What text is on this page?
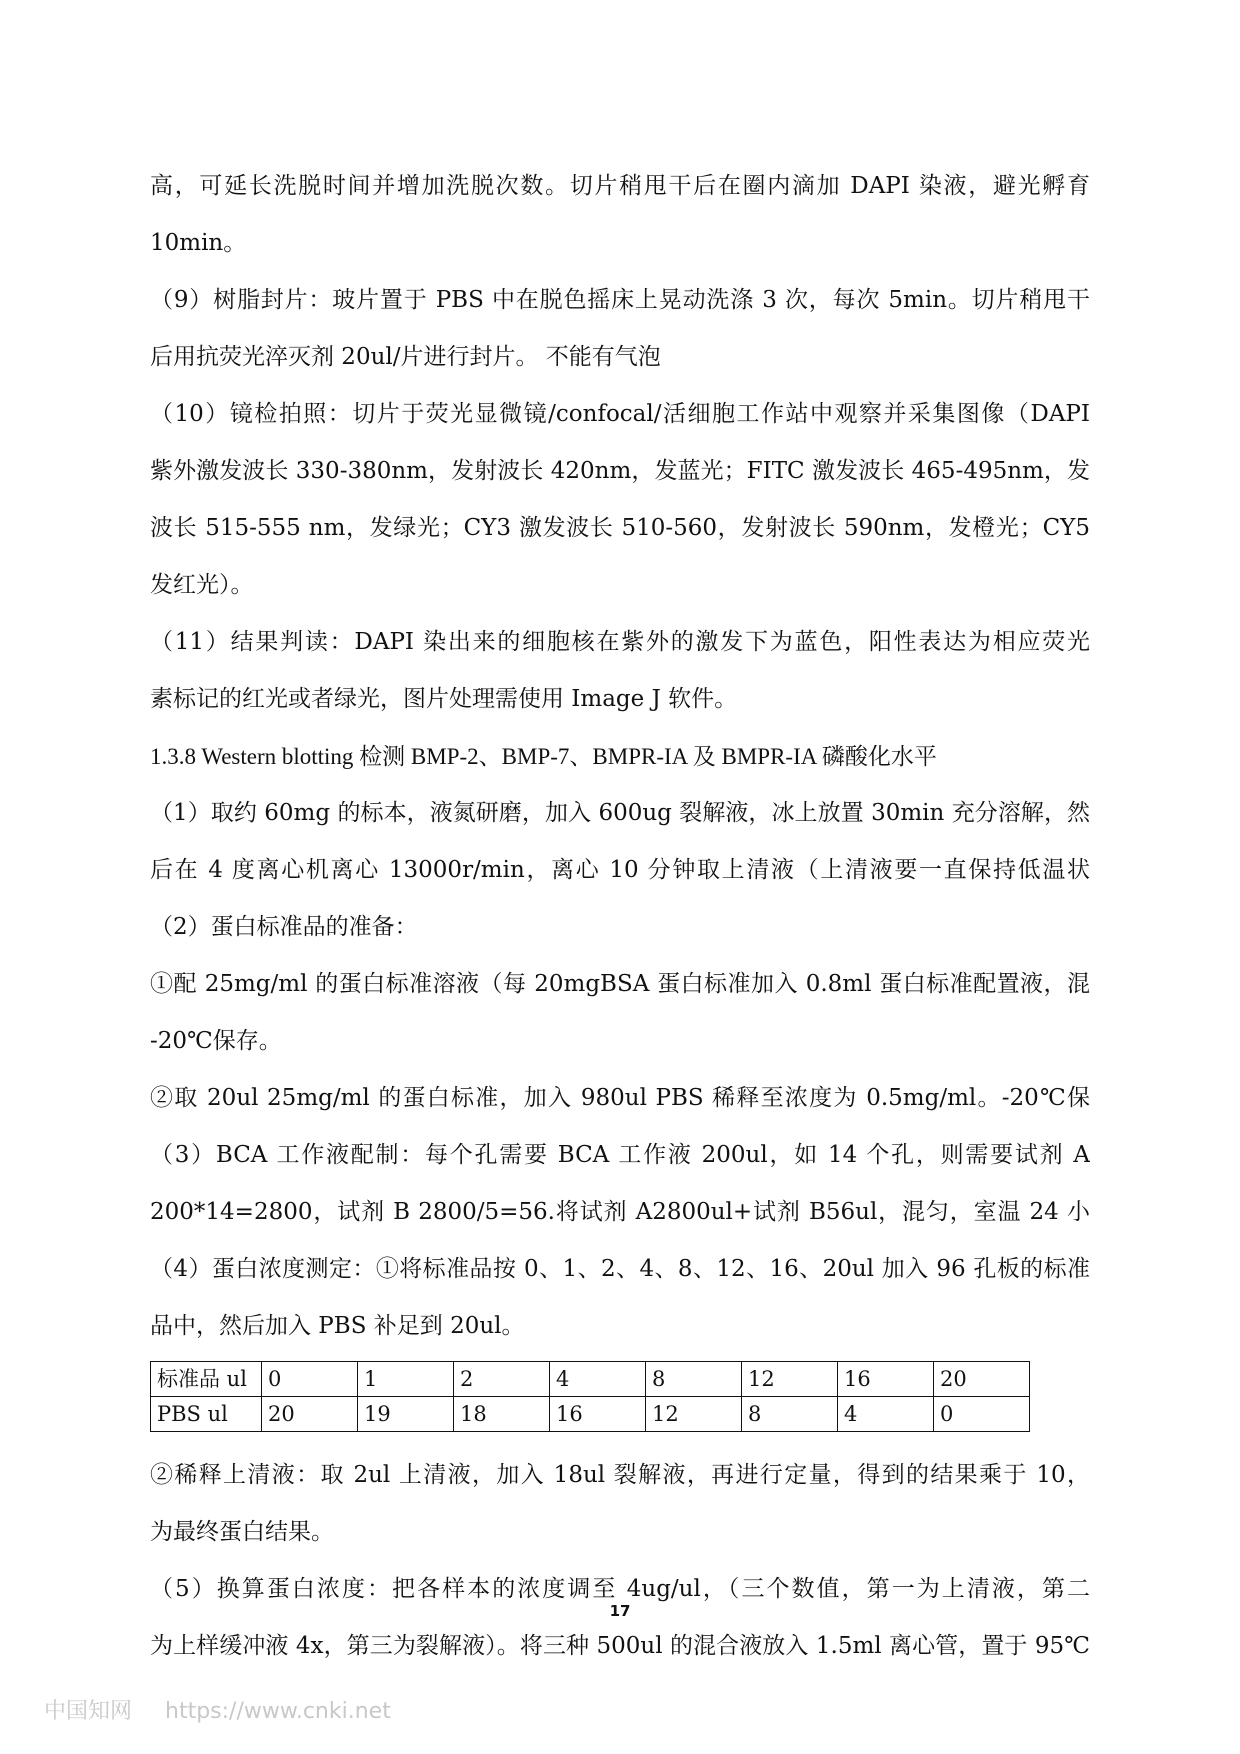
高，可延长洗脱时间并增加洗脱次数。切片稍甩干后在圈内滴加 DAPI 染液，避光孵育
10min。
（9）树脂封片：玻片置于 PBS 中在脱色摇床上晃动洗涤 3 次，每次 5min。切片稍甩干
后用抗荧光淬灭剂 20ul/片进行封片。 不能有气泡
（10）镜检拍照：切片于荧光显微镜/confocal/活细胞工作站中观察并采集图像（DAPI
紫外激发波长 330-380nm，发射波长 420nm，发蓝光；FITC 激发波长 465-495nm，发
波长 515-555 nm，发绿光；CY3 激发波长 510-560，发射波长 590nm，发橙光；CY5
发红光）。
（11）结果判读：DAPI 染出来的细胞核在紫外的激发下为蓝色，阳性表达为相应荧光
素标记的红光或者绿光，图片处理需使用 Image J 软件。
1.3.8 Western blotting 检测 BMP-2、BMP-7、BMPR-IA 及 BMPR-IA 磷酸化水平
（1）取约 60mg 的标本，液氮研磨，加入 600ug 裂解液，冰上放置 30min 充分溶解，然
后在 4 度离心机离心 13000r/min，离心 10 分钟取上清液（上清液要一直保持低温状
（2）蛋白标准品的准备：
①配 25mg/ml 的蛋白标准溶液（每 20mgBSA 蛋白标准加入 0.8ml 蛋白标准配置液，混
-20℃保存。
②取 20ul 25mg/ml 的蛋白标准，加入 980ul PBS 稀释至浓度为 0.5mg/ml。-20℃保
（3）BCA 工作液配制：每个孔需要 BCA 工作液 200ul，如 14 个孔，则需要试剂 A
200*14=2800，试剂 B 2800/5=56.将试剂 A2800ul+试剂 B56ul，混匀，室温 24 小
（4）蛋白浓度测定：①将标准品按 0、1、2、4、8、12、16、20ul 加入 96 孔板的标准
品中，然后加入 PBS 补足到 20ul。
标准品 ul	0	1	2	4	8	12	16	20
PBS ul	20	19	18	16	12	8	4	0
②稀释上清液：取 2ul 上清液，加入 18ul 裂解液，再进行定量，得到的结果乘于 10，
为最终蛋白结果。
（5）换算蛋白浓度：把各样本的浓度调至 4ug/ul，（三个数值，第一为上清液，第二
为上样缓冲液 4x，第三为裂解液）。将三种 500ul 的混合液放入 1.5ml 离心管，置于 95℃
17
中国知网 https://www.cnki.net
